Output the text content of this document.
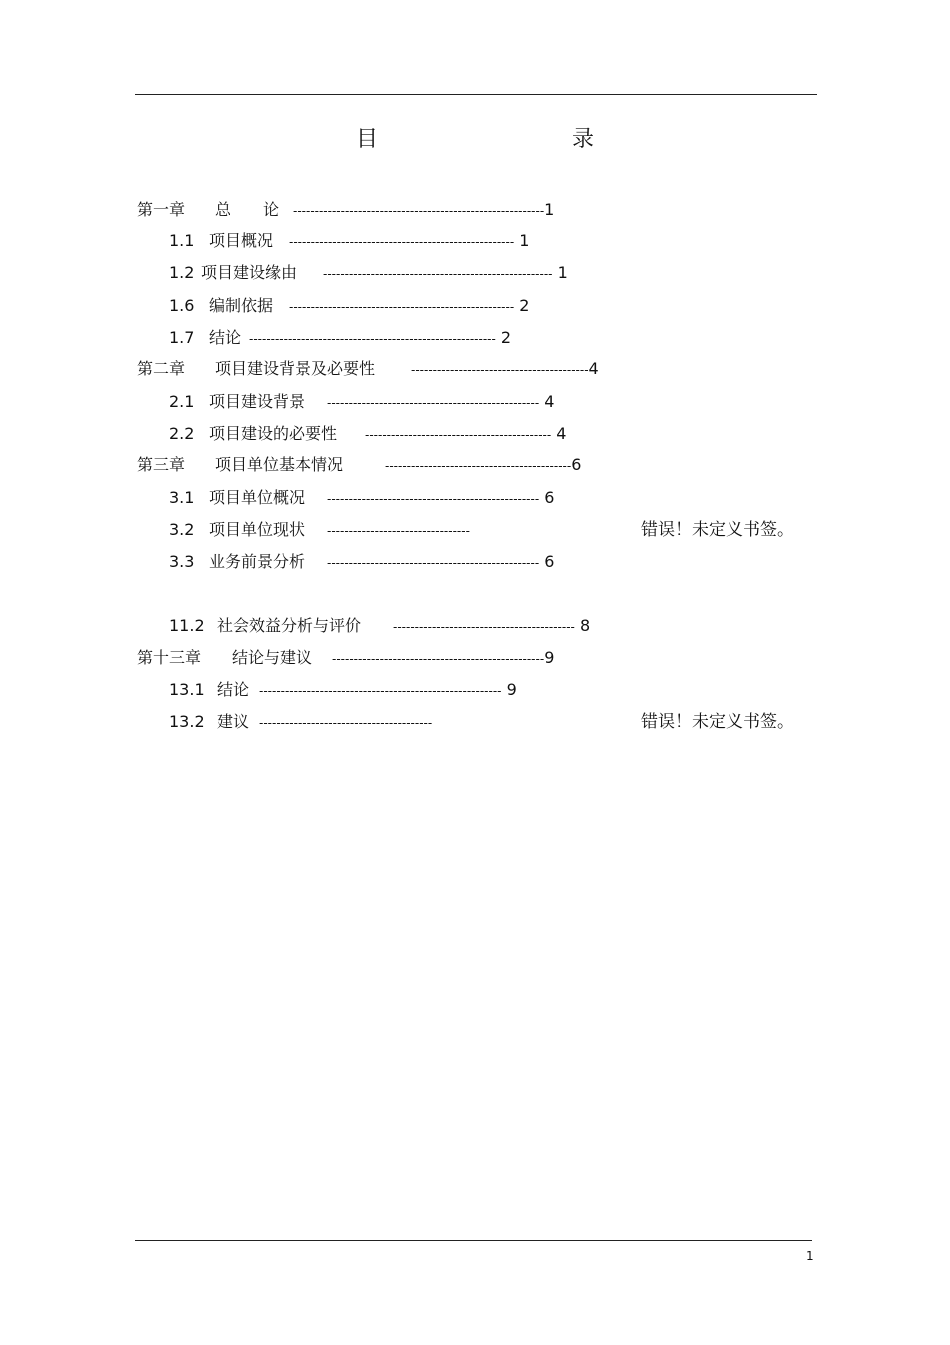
目　　录
第一章 总　　论 ----------------------------------------------------------1
1.1 项目概况 ---------------------------------------------------- 1
1.2 项目建设缘由 ----------------------------------------------------- 1
1.6 编制依据 ---------------------------------------------------- 2
1.7 结论 --------------------------------------------------------- 2
第二章 项目建设背景及必要性	-----------------------------------------4
2.1 项目建设背景 ------------------------------------------------- 4
2.2 项目建设的必要性 ------------------------------------------- 4
第三章 项目单位基本情况	-------------------------------------------6
3.1 项目单位概况 ------------------------------------------------- 6
3.2 项目单位现状 ---------------------------------	错误！未定义书签。
3.3 业务前景分析 ------------------------------------------------- 6
11.2 社会效益分析与评价	------------------------------------------ 8
第十三章 结论与建议 -------------------------------------------------9
13.1 结论 -------------------------------------------------------- 9
13.2 建议 ----------------------------------------	错误！未定义书签。
1
